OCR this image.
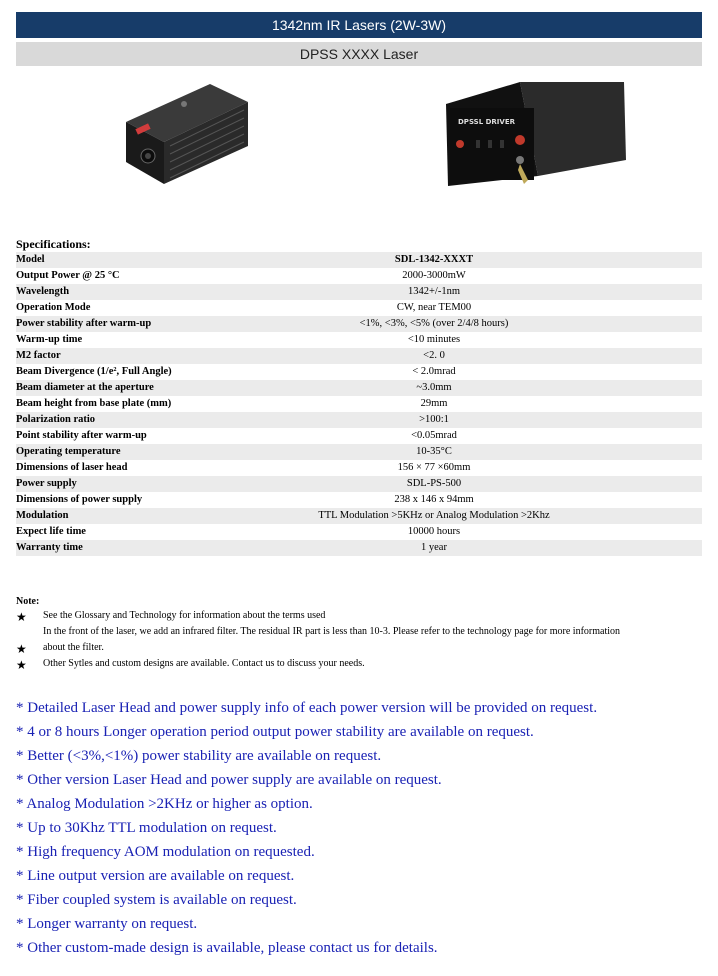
1342nm IR Lasers (2W-3W)
DPSS XXXX Laser
DPSSL DRIVER
Specifications:
Model	SDL-1342-XXXT
Output Power @ 25 °C	2000-3000mW
Wavelength	1342+/-1nm
Operation Mode	CW, near TEM00
Power stability after warm-up	<1%, <3%, <5% (over 2/4/8 hours)
Warm-up time	<10 minutes
M2 factor	<2. 0
Beam Divergence (1/e², Full Angle)	< 2.0mrad
Beam diameter at the aperture	~3.0mm
Beam height from base plate (mm)	29mm
Polarization ratio	>100:1
Point stability after warm-up	<0.05mrad
Operating temperature	10-35°C
Dimensions of laser head	156 × 77 ×60mm
Power supply	SDL-PS-500
Dimensions of power supply	238 x 146 x 94mm
Modulation	TTL Modulation >5KHz or Analog Modulation >2Khz
Expect life time	10000 hours
Warranty time	1 year
Note:
★	See the Glossary and Technology for information about the terms used
In the front of the laser, we add an infrared filter. The residual IR part is less than 10-3. Please refer to the technology page for more information
★	about the filter.
★	Other Sytles and custom designs are available. Contact us to discuss your needs.
* Detailed Laser Head and power supply info of each power version will be provided on request.
* 4 or 8 hours Longer operation period output power stability are available on request.
* Better (<3%,<1%) power stability are available on request.
* Other version Laser Head and power supply are available on request.
* Analog Modulation >2KHz or higher as option.
* Up to 30Khz TTL modulation on request.
* High frequency AOM modulation on requested.
* Line output version are available on request.
* Fiber coupled system is available on request.
* Longer warranty on request.
* Other custom-made design is available, please contact us for details.
